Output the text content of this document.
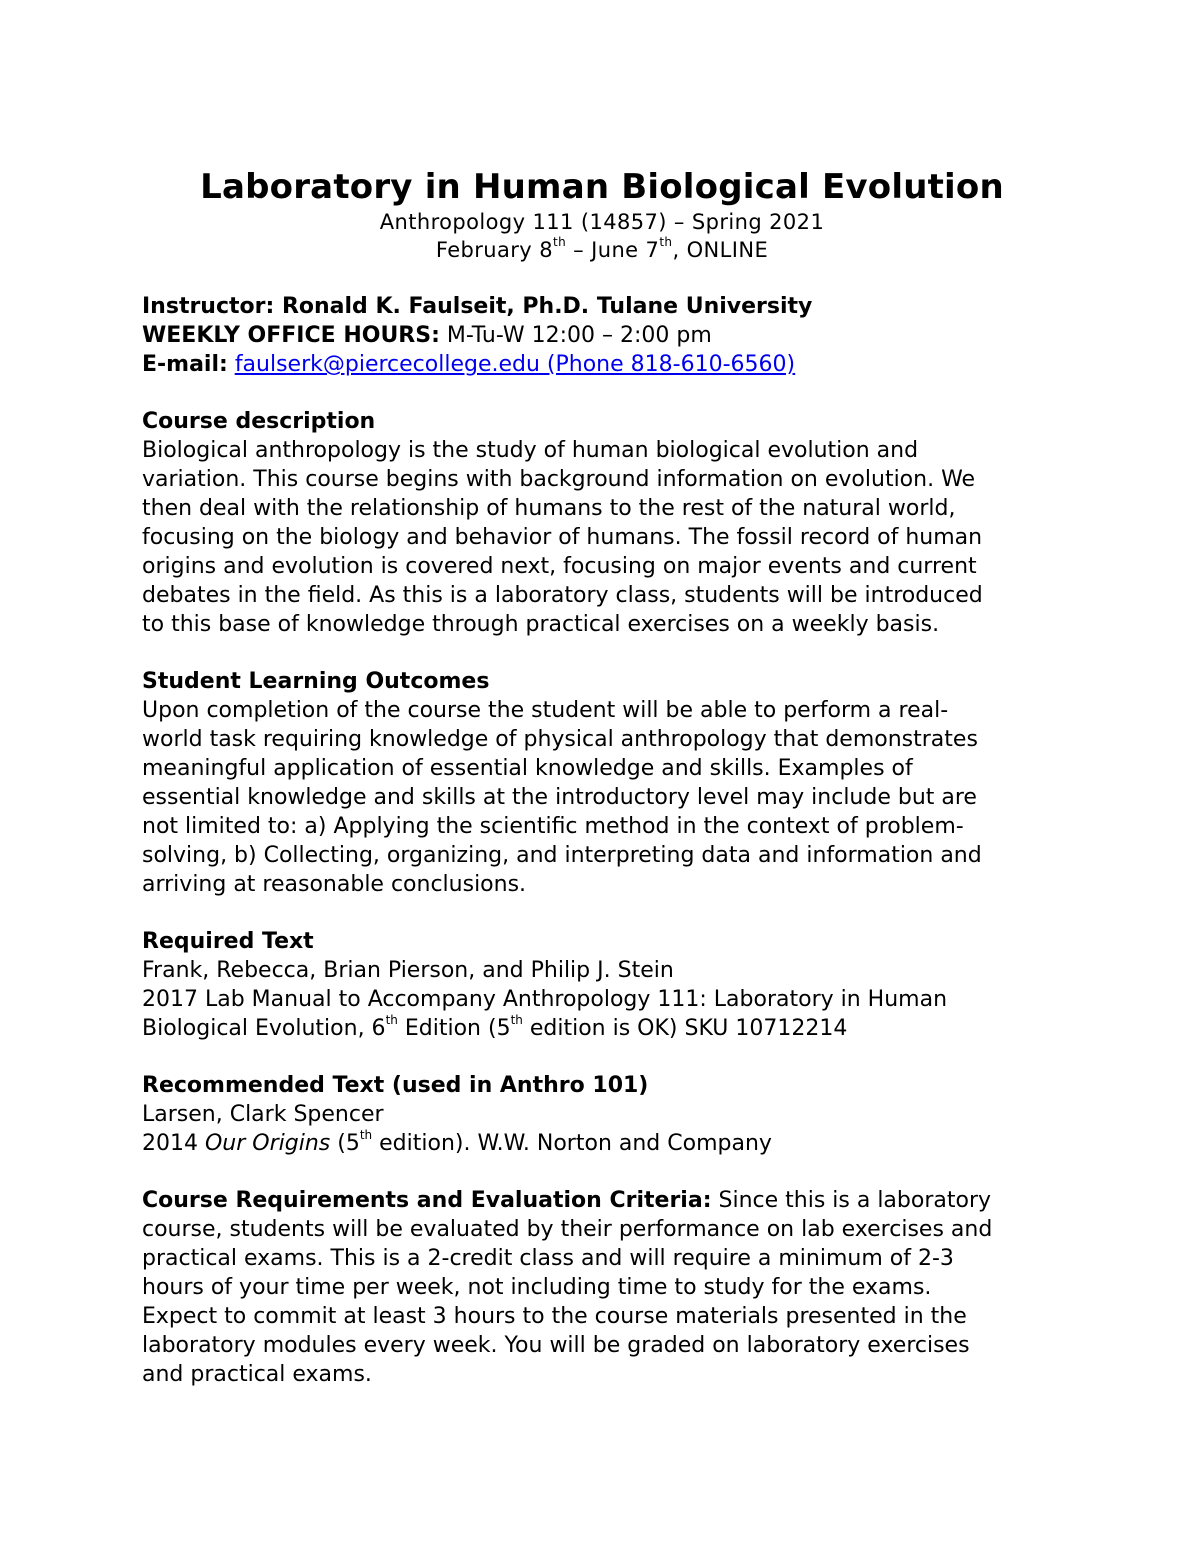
Laboratory in Human Biological Evolution
Anthropology 111 (14857) – Spring 2021
February 8th – June 7th, ONLINE
Instructor: Ronald K. Faulseit, Ph.D. Tulane University
WEEKLY OFFICE HOURS: M-Tu-W 12:00 – 2:00 pm
E-mail: faulserk@piercecollege.edu (Phone 818-610-6560)
Course description
Biological anthropology is the study of human biological evolution and
variation. This course begins with background information on evolution. We
then deal with the relationship of humans to the rest of the natural world,
focusing on the biology and behavior of humans. The fossil record of human
origins and evolution is covered next, focusing on major events and current
debates in the field. As this is a laboratory class, students will be introduced
to this base of knowledge through practical exercises on a weekly basis.
Student Learning Outcomes
Upon completion of the course the student will be able to perform a real-
world task requiring knowledge of physical anthropology that demonstrates
meaningful application of essential knowledge and skills. Examples of
essential knowledge and skills at the introductory level may include but are
not limited to: a) Applying the scientific method in the context of problem-
solving, b) Collecting, organizing, and interpreting data and information and
arriving at reasonable conclusions.
Required Text
Frank, Rebecca, Brian Pierson, and Philip J. Stein
2017 Lab Manual to Accompany Anthropology 111: Laboratory in Human
Biological Evolution, 6th Edition (5th edition is OK) SKU 10712214
Recommended Text (used in Anthro 101)
Larsen, Clark Spencer
2014 Our Origins (5th edition). W.W. Norton and Company
Course Requirements and Evaluation Criteria: Since this is a laboratory
course, students will be evaluated by their performance on lab exercises and
practical exams. This is a 2-credit class and will require a minimum of 2-3
hours of your time per week, not including time to study for the exams.
Expect to commit at least 3 hours to the course materials presented in the
laboratory modules every week. You will be graded on laboratory exercises
and practical exams.
